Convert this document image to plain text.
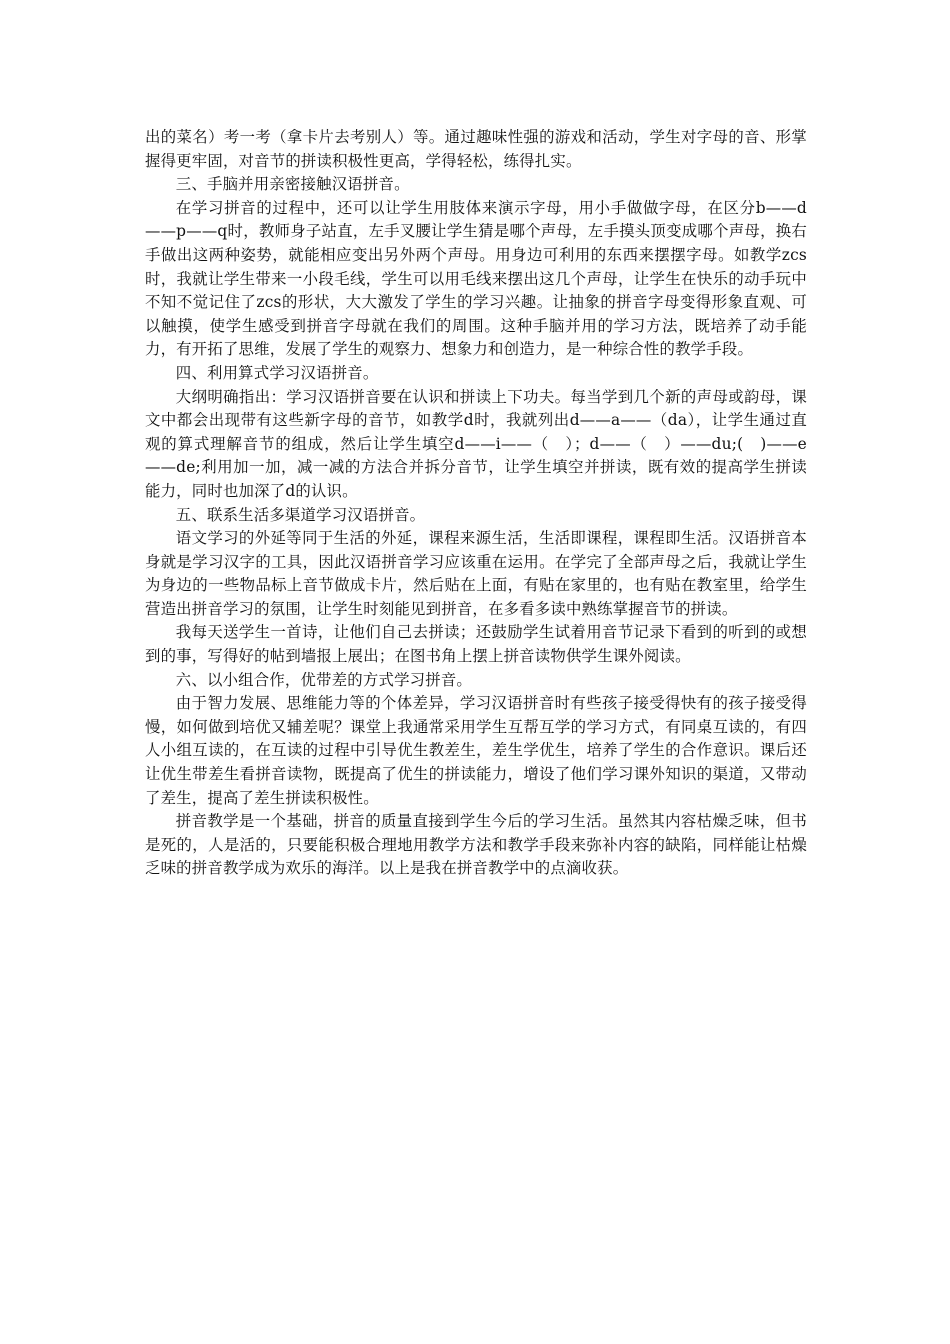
出的菜名）考一考（拿卡片去考别人）等。通过趣味性强的游戏和活动，学生对字母的音、形掌握得更牢固，对音节的拼读积极性更高，学得轻松，练得扎实。

三、手脑并用亲密接触汉语拼音。

在学习拼音的过程中，还可以让学生用肢体来演示字母，用小手做做字母，在区分b——d——p——q时，教师身子站直，左手叉腰让学生猜是哪个声母，左手摸头顶变成哪个声母，换右手做出这两种姿势，就能相应变出另外两个声母。用身边可利用的东西来摆摆字母。如教学zcs时，我就让学生带来一小段毛线，学生可以用毛线来摆出这几个声母，让学生在快乐的动手玩中不知不觉记住了zcs的形状，大大激发了学生的学习兴趣。让抽象的拼音字母变得形象直观、可以触摸，使学生感受到拼音字母就在我们的周围。这种手脑并用的学习方法，既培养了动手能力，有开拓了思维，发展了学生的观察力、想象力和创造力，是一种综合性的教学手段。

四、利用算式学习汉语拼音。

大纲明确指出：学习汉语拼音要在认识和拼读上下功夫。每当学到几个新的声母或韵母，课文中都会出现带有这些新字母的音节，如教学d时，我就列出d——a——（da），让学生通过直观的算式理解音节的组成，然后让学生填空d——i——（　）；d——（　）——du;(　)——e——de;利用加一加，减一减的方法合并拆分音节，让学生填空并拼读，既有效的提高学生拼读能力，同时也加深了d的认识。

五、联系生活多渠道学习汉语拼音。

语文学习的外延等同于生活的外延，课程来源生活，生活即课程，课程即生活。汉语拼音本身就是学习汉字的工具，因此汉语拼音学习应该重在运用。在学完了全部声母之后，我就让学生为身边的一些物品标上音节做成卡片，然后贴在上面，有贴在家里的，也有贴在教室里，给学生营造出拼音学习的氛围，让学生时刻能见到拼音，在多看多读中熟练掌握音节的拼读。

我每天送学生一首诗，让他们自己去拼读；还鼓励学生试着用音节记录下看到的听到的或想到的事，写得好的帖到墙报上展出；在图书角上摆上拼音读物供学生课外阅读。

六、以小组合作，优带差的方式学习拼音。

由于智力发展、思维能力等的个体差异，学习汉语拼音时有些孩子接受得快有的孩子接受得慢，如何做到培优又辅差呢？课堂上我通常采用学生互帮互学的学习方式，有同桌互读的，有四人小组互读的，在互读的过程中引导优生教差生，差生学优生，培养了学生的合作意识。课后还让优生带差生看拼音读物，既提高了优生的拼读能力，增设了他们学习课外知识的渠道，又带动了差生，提高了差生拼读积极性。

拼音教学是一个基础，拼音的质量直接到学生今后的学习生活。虽然其内容枯燥乏味，但书是死的，人是活的，只要能积极合理地用教学方法和教学手段来弥补内容的缺陷，同样能让枯燥乏味的拼音教学成为欢乐的海洋。以上是我在拼音教学中的点滴收获。
